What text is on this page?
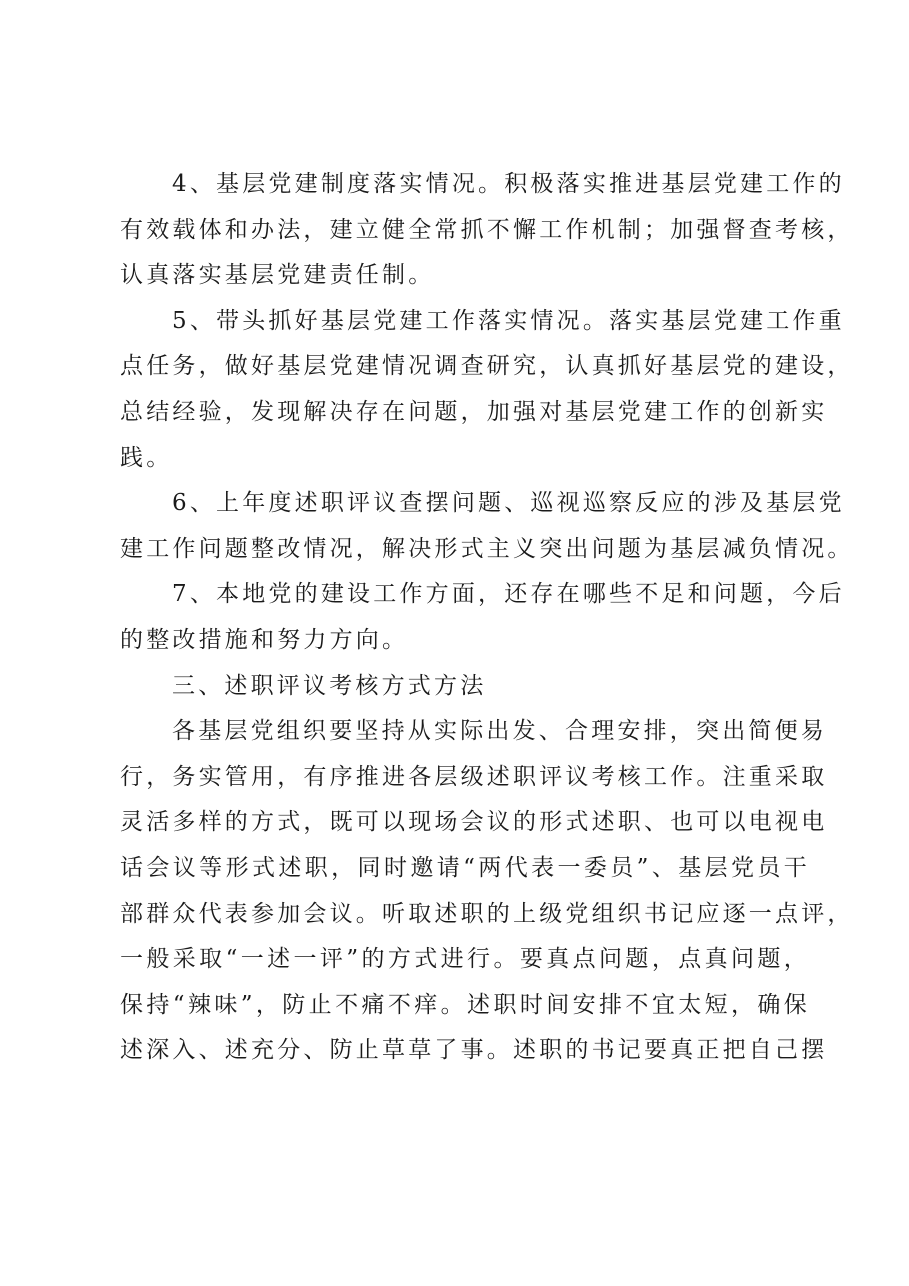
4、基层党建制度落实情况。积极落实推进基层党建工作的
有效载体和办法，建立健全常抓不懈工作机制；加强督查考核，
认真落实基层党建责任制。

5、带头抓好基层党建工作落实情况。落实基层党建工作重
点任务，做好基层党建情况调查研究，认真抓好基层党的建设，
总结经验，发现解决存在问题，加强对基层党建工作的创新实
践。

6、上年度述职评议查摆问题、巡视巡察反应的涉及基层党
建工作问题整改情况，解决形式主义突出问题为基层减负情况。

7、本地党的建设工作方面，还存在哪些不足和问题，今后
的整改措施和努力方向。

三、述职评议考核方式方法

各基层党组织要坚持从实际出发、合理安排，突出简便易
行，务实管用，有序推进各层级述职评议考核工作。注重采取
灵活多样的方式，既可以现场会议的形式述职、也可以电视电
话会议等形式述职，同时邀请“两代表一委员”、基层党员干
部群众代表参加会议。听取述职的上级党组织书记应逐一点评，
一般采取“一述一评”的方式进行。要真点问题，点真问题，
保持“辣味”，防止不痛不痒。述职时间安排不宜太短，确保
述深入、述充分、防止草草了事。述职的书记要真正把自己摆
